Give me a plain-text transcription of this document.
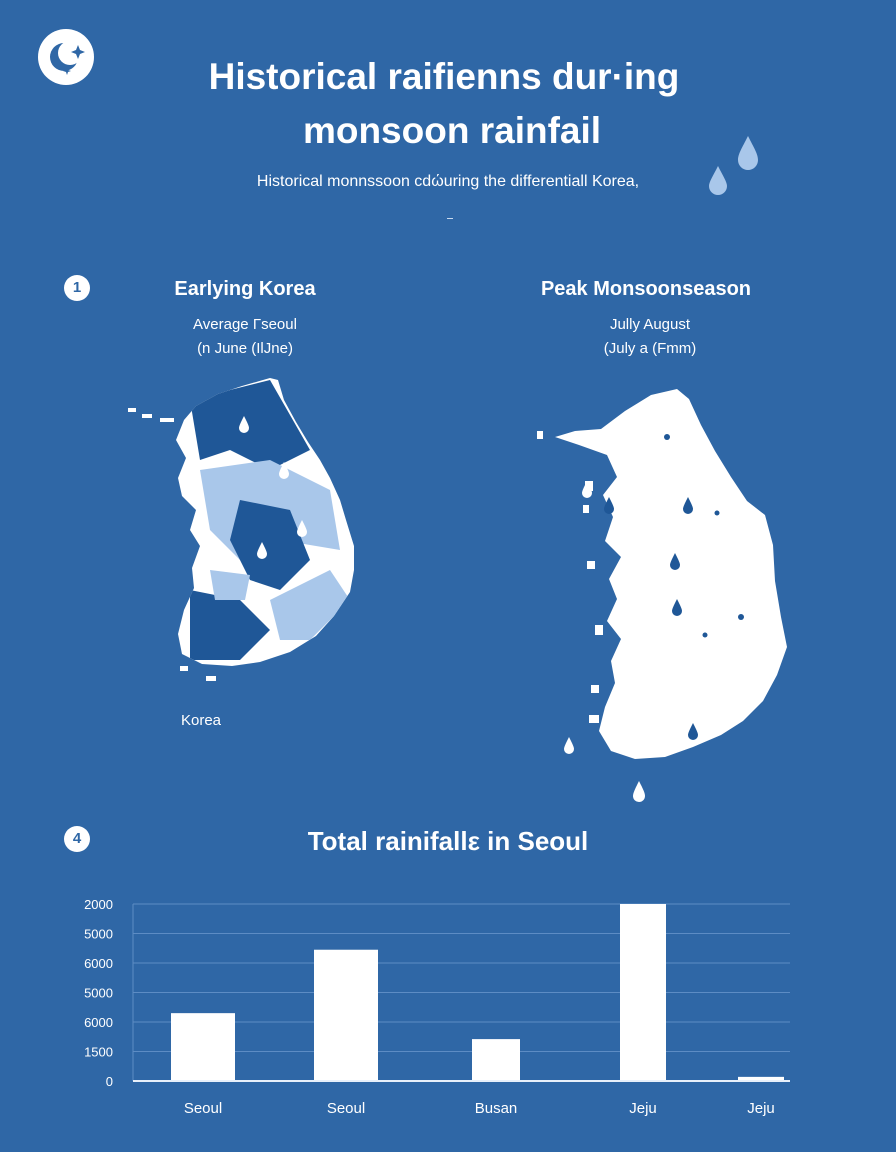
Historical raifienns dur·ing
monsoon rainfail
Historical monnssoon cdώuring the differentiall Korea,
1	Earlying Korea
Average Γseoul
(n June (IlJne)
Peak Monsoonseason
Jully August
(July a (Fmm)
Korea
4	Total rainifallε in Seoul
0
1500
6000
5000
6000
5000
2000
Seoul	Seoul	Busan	Jeju	Jeju
